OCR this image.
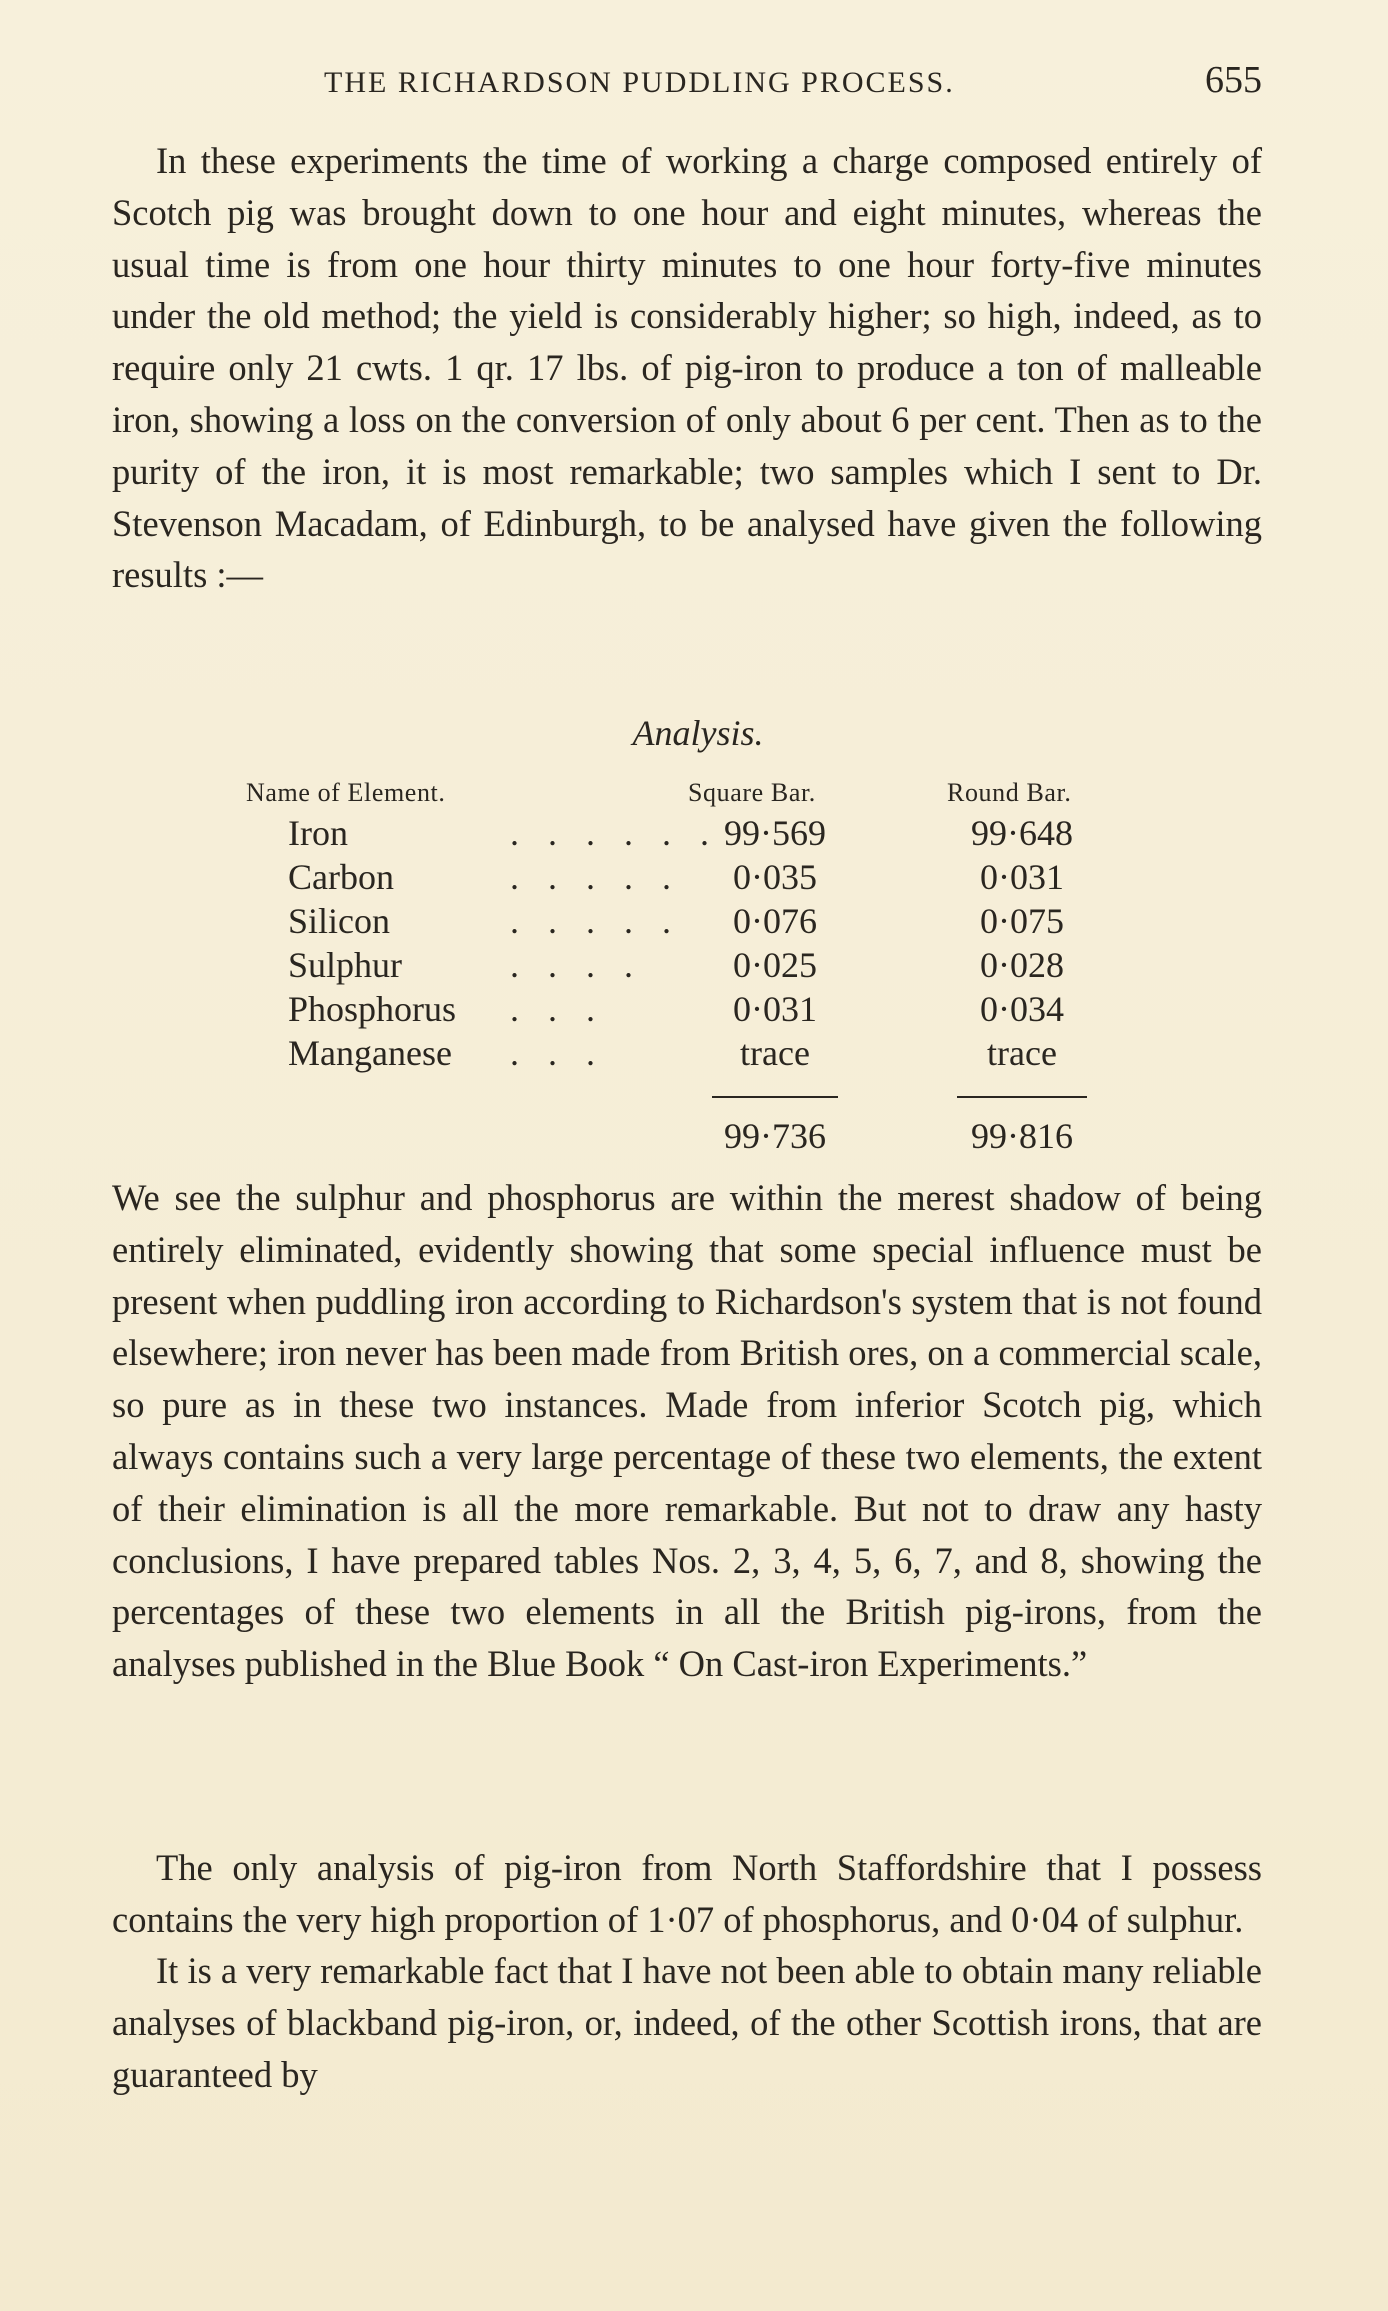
THE RICHARDSON PUDDLING PROCESS.	655

In these experiments the time of working a charge composed entirely of Scotch pig was brought down to one hour and eight minutes, whereas the usual time is from one hour thirty minutes to one hour forty-five minutes under the old method; the yield is considerably higher; so high, indeed, as to require only 21 cwts. 1 qr. 17 lbs. of pig-iron to produce a ton of malleable iron, showing a loss on the conversion of only about 6 per cent. Then as to the purity of the iron, it is most remarkable; two samples which I sent to Dr. Stevenson Macadam, of Edinburgh, to be analysed have given the following results :—

Analysis.
Name of Element.	Square Bar.	Round Bar.
Iron	. . . . . . 99·569	99·648
Carbon	. . . . .	0·035	0·031
Silicon	. . . . .	0·076	0·075
Sulphur	. . . .	0·025	0·028
Phosphorus . . .	0·031	0·034
Manganese . . .	trace	trace
99·736	99·816

We see the sulphur and phosphorus are within the merest shadow of being entirely eliminated, evidently showing that some special influence must be present when puddling iron according to Richardson's system that is not found elsewhere; iron never has been made from British ores, on a commercial scale, so pure as in these two instances. Made from inferior Scotch pig, which always contains such a very large percentage of these two elements, the extent of their elimination is all the more remarkable. But not to draw any hasty conclusions, I have prepared tables Nos. 2, 3, 4, 5, 6, 7, and 8, showing the percentages of these two elements in all the British pig-irons, from the analyses published in the Blue Book “ On Cast-iron Experiments.”

The only analysis of pig-iron from North Staffordshire that I possess contains the very high proportion of 1·07 of phosphorus, and 0·04 of sulphur.

It is a very remarkable fact that I have not been able to obtain many reliable analyses of blackband pig-iron, or, indeed, of the other Scottish irons, that are guaranteed by
